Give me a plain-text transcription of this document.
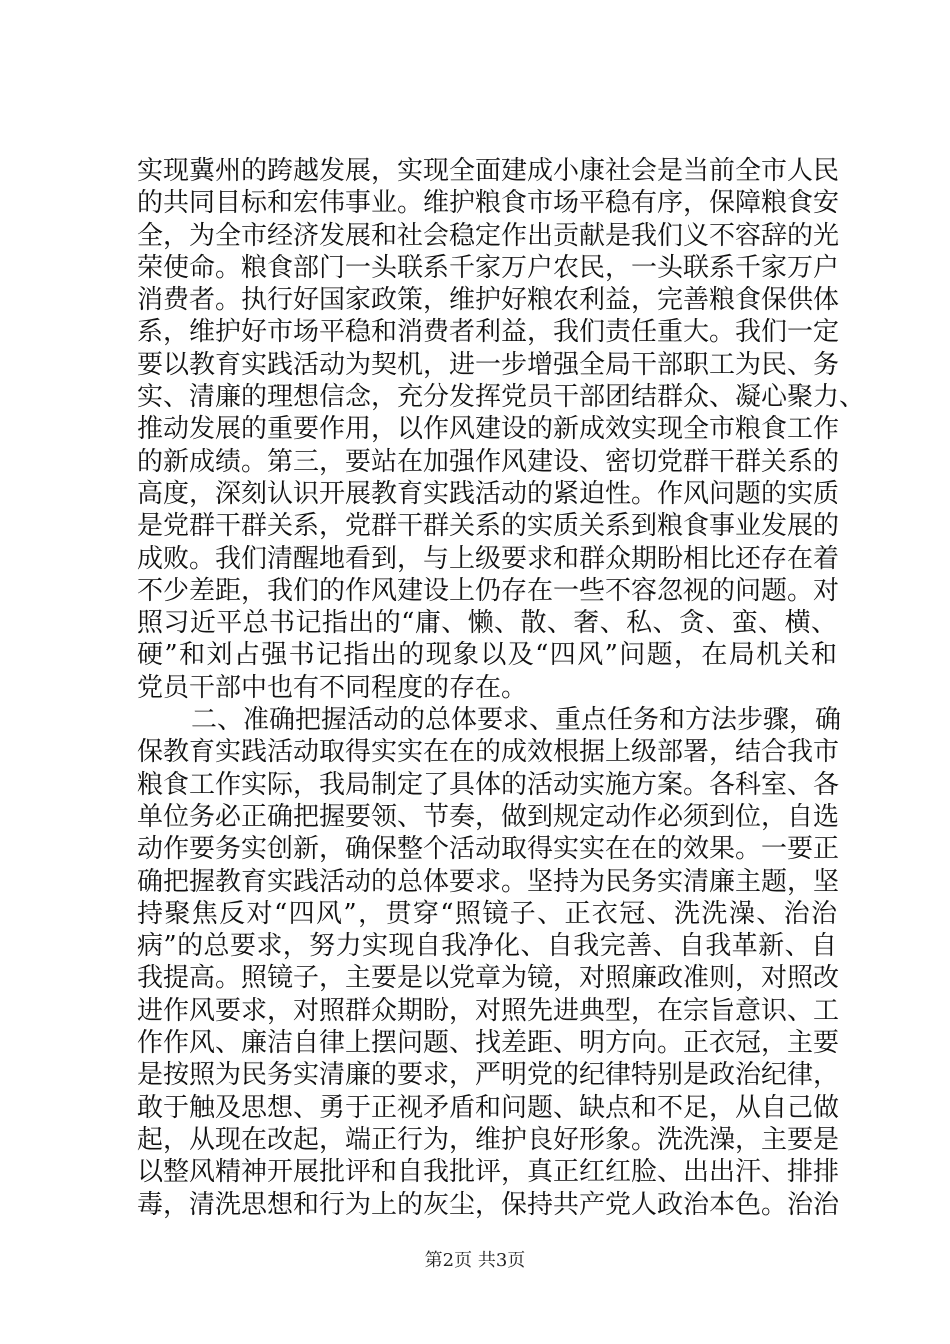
实现冀州的跨越发展，实现全面建成小康社会是当前全市人民
的共同目标和宏伟事业。维护粮食市场平稳有序，保障粮食安
全，为全市经济发展和社会稳定作出贡献是我们义不容辞的光
荣使命。粮食部门一头联系千家万户农民，一头联系千家万户
消费者。执行好国家政策，维护好粮农利益，完善粮食保供体
系，维护好市场平稳和消费者利益，我们责任重大。我们一定
要以教育实践活动为契机，进一步增强全局干部职工为民、务
实、清廉的理想信念，充分发挥党员干部团结群众、凝心聚力、
推动发展的重要作用，以作风建设的新成效实现全市粮食工作
的新成绩。第三，要站在加强作风建设、密切党群干群关系的
高度，深刻认识开展教育实践活动的紧迫性。作风问题的实质
是党群干群关系，党群干群关系的实质关系到粮食事业发展的
成败。我们清醒地看到，与上级要求和群众期盼相比还存在着
不少差距，我们的作风建设上仍存在一些不容忽视的问题。对
照习近平总书记指出的“庸、懒、散、奢、私、贪、蛮、横、
硬”和刘占强书记指出的现象以及“四风”问题，在局机关和
党员干部中也有不同程度的存在。
二、准确把握活动的总体要求、重点任务和方法步骤，确
保教育实践活动取得实实在在的成效根据上级部署，结合我市
粮食工作实际，我局制定了具体的活动实施方案。各科室、各
单位务必正确把握要领、节奏，做到规定动作必须到位，自选
动作要务实创新，确保整个活动取得实实在在的效果。一要正
确把握教育实践活动的总体要求。坚持为民务实清廉主题，坚
持聚焦反对“四风”，贯穿“照镜子、正衣冠、洗洗澡、治治
病”的总要求，努力实现自我净化、自我完善、自我革新、自
我提高。照镜子，主要是以党章为镜，对照廉政准则，对照改
进作风要求，对照群众期盼，对照先进典型，在宗旨意识、工
作作风、廉洁自律上摆问题、找差距、明方向。正衣冠，主要
是按照为民务实清廉的要求，严明党的纪律特别是政治纪律，
敢于触及思想、勇于正视矛盾和问题、缺点和不足，从自己做
起，从现在改起，端正行为，维护良好形象。洗洗澡，主要是
以整风精神开展批评和自我批评，真正红红脸、出出汗、排排
毒，清洗思想和行为上的灰尘，保持共产党人政治本色。治治
第2页 共3页
